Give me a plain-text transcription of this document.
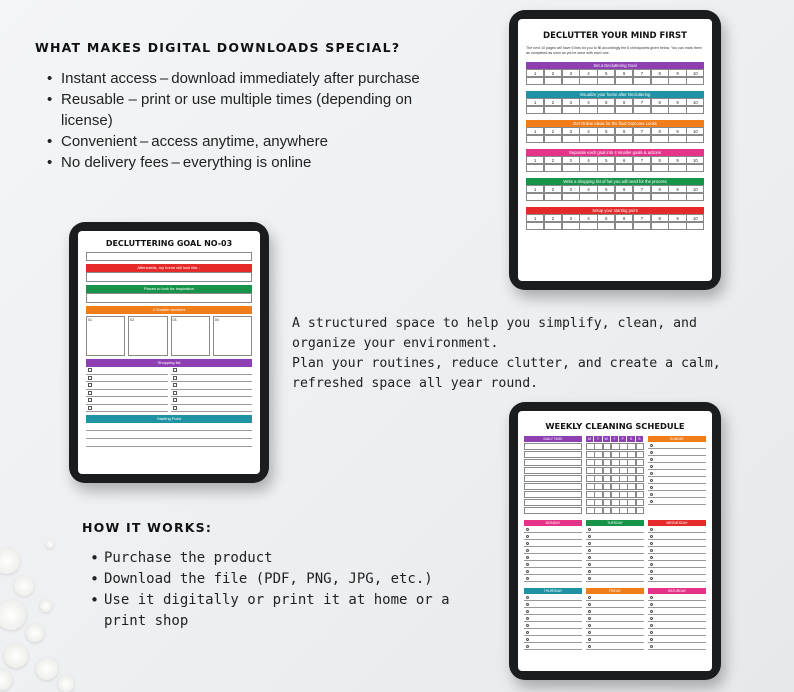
WHAT MAKES DIGITAL DOWNLOADS SPECIAL?
• Instant access – download immediately after purchase
• Reusable – print or use multiple times (depending on license)
• Convenient – access anytime, anywhere
• No delivery fees – everything is online
A structured space to help you simplify, clean, and organize your environment.
Plan your routines, reduce clutter, and create a calm, refreshed space all year round.
HOW IT WORKS:
• Purchase the product
• Download the file (PDF, PNG, JPG, etc.)
• Use it digitally or print it at home or a print shop
DECLUTTER YOUR MIND FIRST
The next 10 pages will have 6 lists for you to fill accordingly the 6 checkpoints given below. You can mark them as completed as soon as you're done with each one.
Set a Decluttering Goal
1	2	3	4	5	6	7	8	9	10
Visualize your home after Decluttering
1	2	3	4	5	6	7	8	9	10
Get Online Ideas for the final Outcome Looks
1	2	3	4	5	6	7	8	9	10
Separate each goal into 4 smaller goals & actions
1	2	3	4	5	6	7	8	9	10
Write a shopping list of hat you will need for the process
1	2	3	4	5	6	7	8	9	10
Setup your starting point
1	2	3	4	5	6	7	8	9	10
DECLUTTERING GOAL NO-03
Afterwards, my home will look like...
Places to look for inspiration
4 Smaller sections
01	02	03	04
Shopping list
Starting Point
WEEKLY CLEANING SCHEDULE
DAILY TASK	M	T	W	T	F	S	S	SUNDAY
MONDAY	TUESDAY	WEDNESDAY
THURSDAY	FRIDAY	SATURDAY
